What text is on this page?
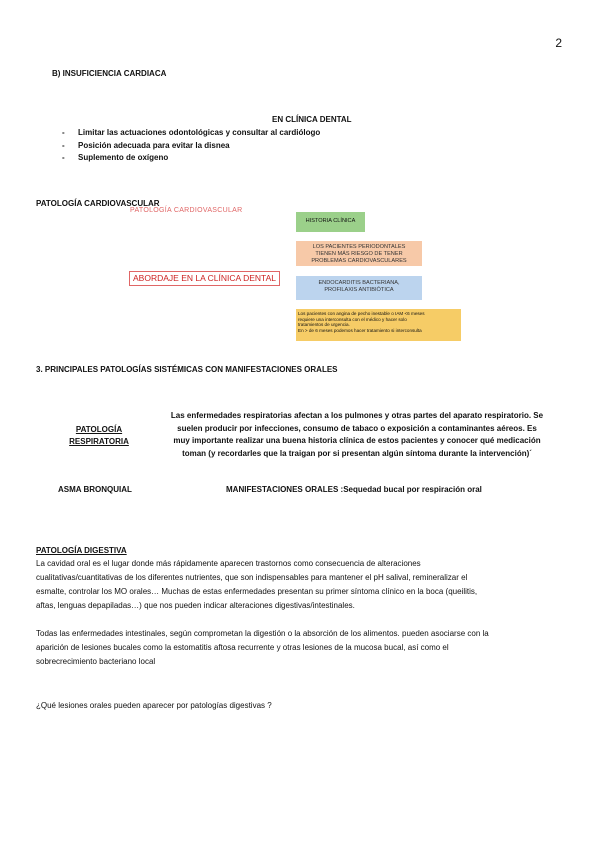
2
B) INSUFICIENCIA CARDIACA
EN CLÍNICA DENTAL
- Limitar las actuaciones odontológicas y consultar al cardiólogo
- Posición adecuada para evitar la disnea
- Suplemento de oxígeno
PATOLOGÍA CARDIOVASCULAR
PATOLOGÍA CARDIOVASCULAR
HISTORIA CLÍNICA
LOS PACIENTES PERIODONTALES
TIENEN MÁS RIESGO DE TENER
PROBLEMAS CARDIOVASCULARES
ABORDAJE EN LA CLÍNICA DENTAL	ENDOCARDITIS BACTERIANA,
PROFILAXIS ANTIBIÓTICA
Los pacientes con angina de pecho inestable o IAM <6 meses
requiere una interconsulta con el médico y hacer solo
tratamientos de urgencia.
En > de 6 meses podemos hacer tratamiento si interconsulta
3. PRINCIPALES PATOLOGÍAS SISTÉMICAS CON MANIFESTACIONES ORALES
PATOLOGÍA
RESPIRATORIA
Las enfermedades respiratorias afectan a los pulmones y otras partes del aparato respiratorio. Se
suelen producir por infecciones, consumo de tabaco o exposición a contaminantes aéreos. Es
muy importante realizar una buena historia clínica de estos pacientes y conocer qué medicación
toman (y recordarles que la traigan por si presentan algún síntoma durante la intervención)´
ASMA BRONQUIAL	MANIFESTACIONES ORALES :Sequedad bucal por respiración oral
PATOLOGÍA DIGESTIVA
La cavidad oral es el lugar donde más rápidamente aparecen trastornos como consecuencia de alteraciones
cualitativas/cuantitativas de los diferentes nutrientes, que son indispensables para mantener el pH salival, remineralizar el
esmalte, controlar los MO orales… Muchas de estas enfermedades presentan su primer síntoma clínico en la boca (queilitis,
aftas, lenguas depapiladas…) que nos pueden indicar alteraciones digestivas/intestinales.
Todas las enfermedades intestinales, según comprometan la digestión o la absorción de los alimentos. pueden asociarse con la
aparición de lesiones bucales como la estomatitis aftosa recurrente y otras lesiones de la mucosa bucal, así como el
sobrecrecimiento bacteriano local
¿Qué lesiones orales pueden aparecer por patologías digestivas ?
